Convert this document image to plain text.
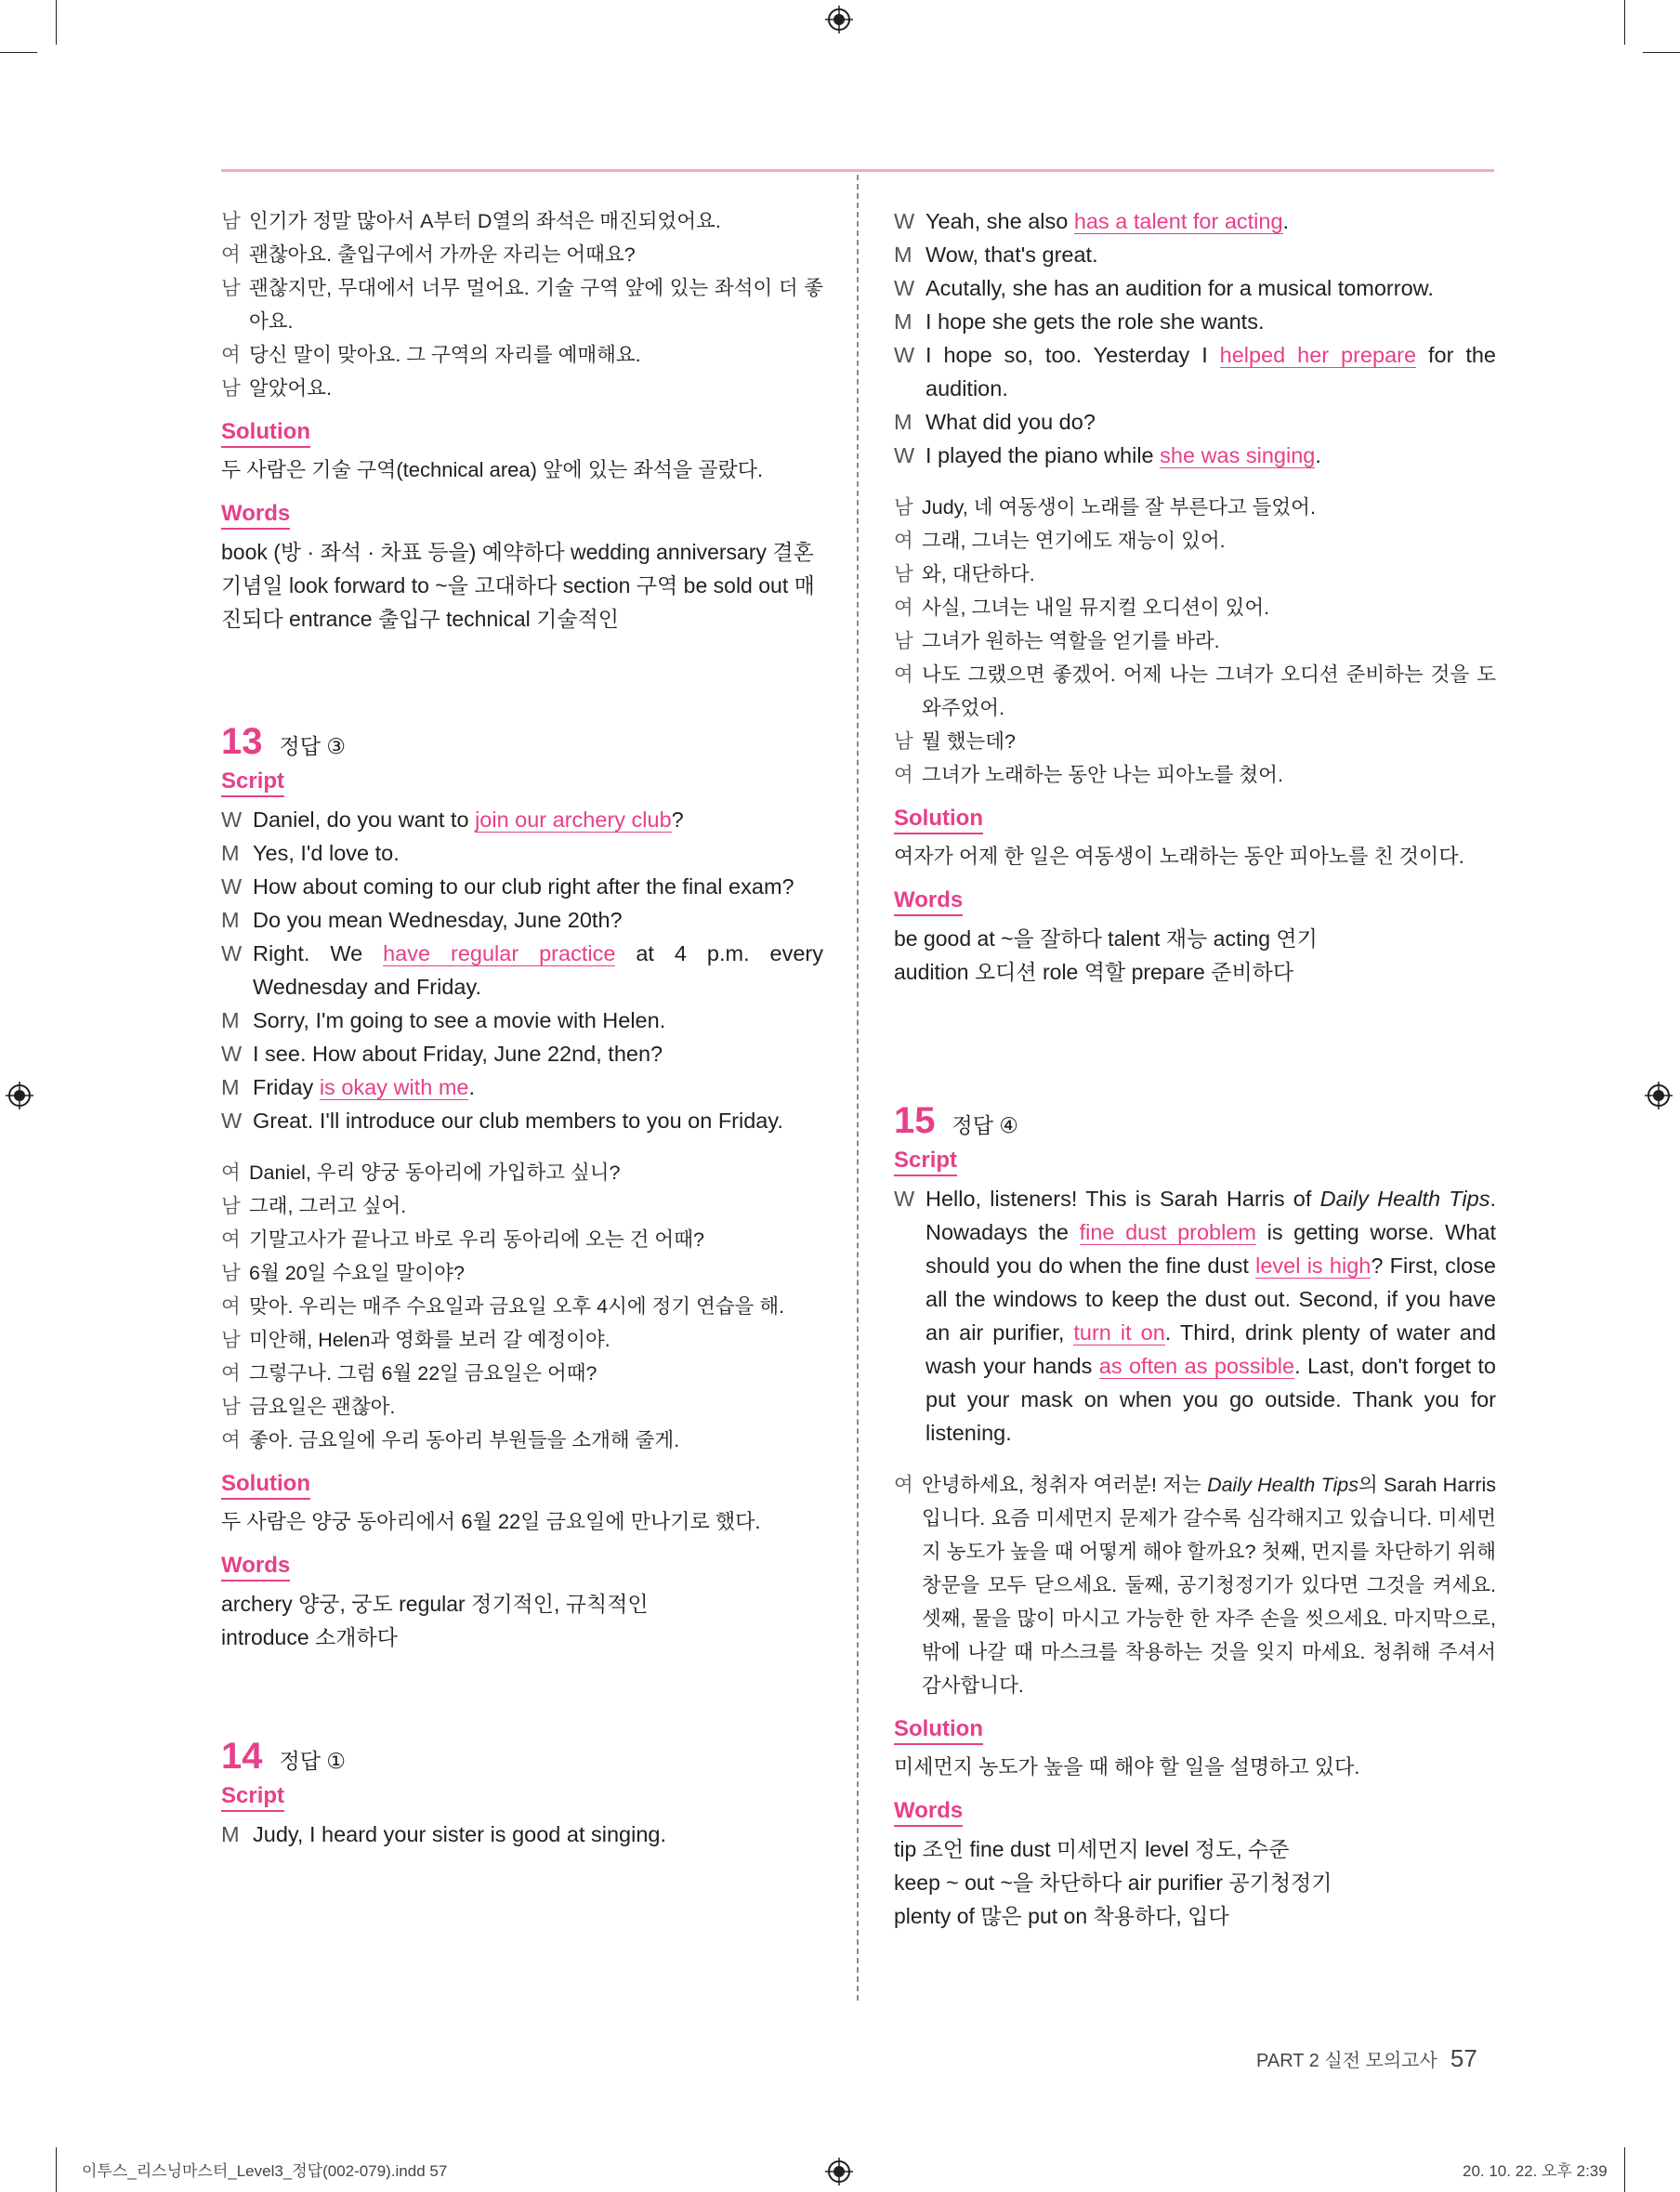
남 인기가 정말 많아서 A부터 D열의 좌석은 매진되었어요.
여 괜찮아요. 출입구에서 가까운 자리는 어때요?
남 괜찮지만, 무대에서 너무 멀어요. 기술 구역 앞에 있는 좌석이 더 좋아요.
여 당신 말이 맞아요. 그 구역의 자리를 예매해요.
남 알았어요.
Solution
두 사람은 기술 구역(technical area) 앞에 있는 좌석을 골랐다.
Words
book (방 · 좌석 · 차표 등을) 예약하다 wedding anniversary 결혼 기념일 look forward to ~을 고대하다 section 구역 be sold out 매진되다 entrance 출입구 technical 기술적인
13 정답 ③
Script
W Daniel, do you want to join our archery club?
M Yes, I'd love to.
W How about coming to our club right after the final exam?
M Do you mean Wednesday, June 20th?
W Right. We have regular practice at 4 p.m. every Wednesday and Friday.
M Sorry, I'm going to see a movie with Helen.
W I see. How about Friday, June 22nd, then?
M Friday is okay with me.
W Great. I'll introduce our club members to you on Friday.
여 Daniel, 우리 양궁 동아리에 가입하고 싶니?
남 그래, 그러고 싶어.
여 기말고사가 끝나고 바로 우리 동아리에 오는 건 어때?
남 6월 20일 수요일 말이야?
여 맞아. 우리는 매주 수요일과 금요일 오후 4시에 정기 연습을 해.
남 미안해, Helen과 영화를 보러 갈 예정이야.
여 그렇구나. 그럼 6월 22일 금요일은 어때?
남 금요일은 괜찮아.
여 좋아. 금요일에 우리 동아리 부원들을 소개해 줄게.
Solution
두 사람은 양궁 동아리에서 6월 22일 금요일에 만나기로 했다.
Words
archery 양궁, 궁도 regular 정기적인, 규칙적인 introduce 소개하다
14 정답 ①
Script
M Judy, I heard your sister is good at singing.
W Yeah, she also has a talent for acting.
M Wow, that's great.
W Acutally, she has an audition for a musical tomorrow.
M I hope she gets the role she wants.
W I hope so, too. Yesterday I helped her prepare for the audition.
M What did you do?
W I played the piano while she was singing.
남 Judy, 네 여동생이 노래를 잘 부른다고 들었어.
여 그래, 그녀는 연기에도 재능이 있어.
남 와, 대단하다.
여 사실, 그녀는 내일 뮤지컬 오디션이 있어.
남 그녀가 원하는 역할을 얻기를 바라.
여 나도 그랬으면 좋겠어. 어제 나는 그녀가 오디션 준비하는 것을 도와주었어.
남 뭘 했는데?
여 그녀가 노래하는 동안 나는 피아노를 쳤어.
Solution
여자가 어제 한 일은 여동생이 노래하는 동안 피아노를 친 것이다.
Words
be good at ~을 잘하다 talent 재능 acting 연기
audition 오디션 role 역할 prepare 준비하다
15 정답 ④
Script
W Hello, listeners! This is Sarah Harris of Daily Health Tips. Nowadays the fine dust problem is getting worse. What should you do when the fine dust level is high? First, close all the windows to keep the dust out. Second, if you have an air purifier, turn it on. Third, drink plenty of water and wash your hands as often as possible. Last, don't forget to put your mask on when you go outside. Thank you for listening.
여 안녕하세요, 청취자 여러분! 저는 Daily Health Tips의 Sarah Harris입니다. 요즘 미세먼지 문제가 갈수록 심각해지고 있습니다. 미세먼지 농도가 높을 때 어떻게 해야 할까요? 첫째, 먼지를 차단하기 위해 창문을 모두 닫으세요. 둘째, 공기청정기가 있다면 그것을 켜세요. 셋째, 물을 많이 마시고 가능한 한 자주 손을 씻으세요. 마지막으로, 밖에 나갈 때 마스크를 착용하는 것을 잊지 마세요. 청취해 주셔서 감사합니다.
Solution
미세먼지 농도가 높을 때 해야 할 일을 설명하고 있다.
Words
tip 조언 fine dust 미세먼지 level 정도, 수준
keep ~ out ~을 차단하다 air purifier 공기청정기
plenty of 많은 put on 착용하다, 입다
PART 2 실전 모의고사 57
이투스_리스닝마스터_Level3_정답(002-079).indd 57	20. 10. 22. 오후 2:39
